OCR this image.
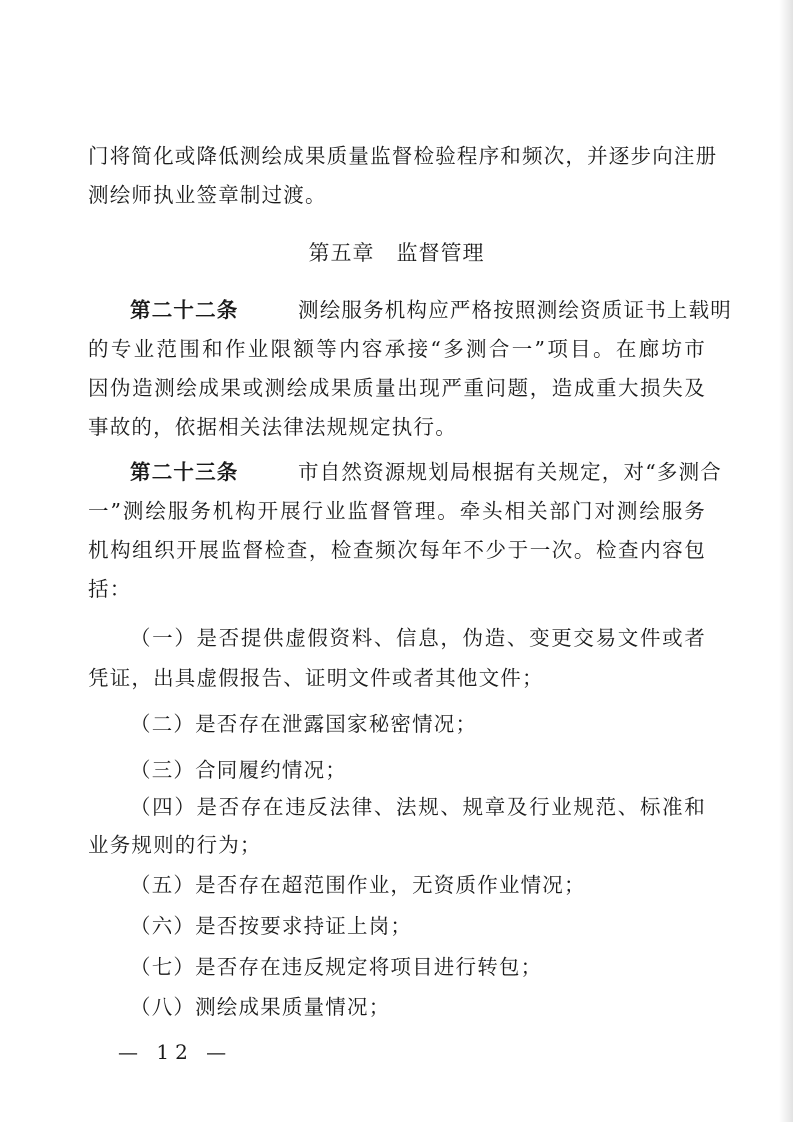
门将简化或降低测绘成果质量监督检验程序和频次，并逐步向注册
测绘师执业签章制过渡。
第五章 监督管理
第二十二条	测绘服务机构应严格按照测绘资质证书上载明
的专业范围和作业限额等内容承接“多测合一”项目。在廊坊市
因伪造测绘成果或测绘成果质量出现严重问题，造成重大损失及
事故的，依据相关法律法规规定执行。
第二十三条	市自然资源规划局根据有关规定，对“多测合
一”测绘服务机构开展行业监督管理。牵头相关部门对测绘服务
机构组织开展监督检查，检查频次每年不少于一次。检查内容包
括：
（一）是否提供虚假资料、信息，伪造、变更交易文件或者
凭证，出具虚假报告、证明文件或者其他文件；
（二）是否存在泄露国家秘密情况；
（三）合同履约情况；
（四）是否存在违反法律、法规、规章及行业规范、标准和
业务规则的行为；
（五）是否存在超范围作业，无资质作业情况；
（六）是否按要求持证上岗；
（七）是否存在违反规定将项目进行转包；
（八）测绘成果质量情况；
— 12 —
